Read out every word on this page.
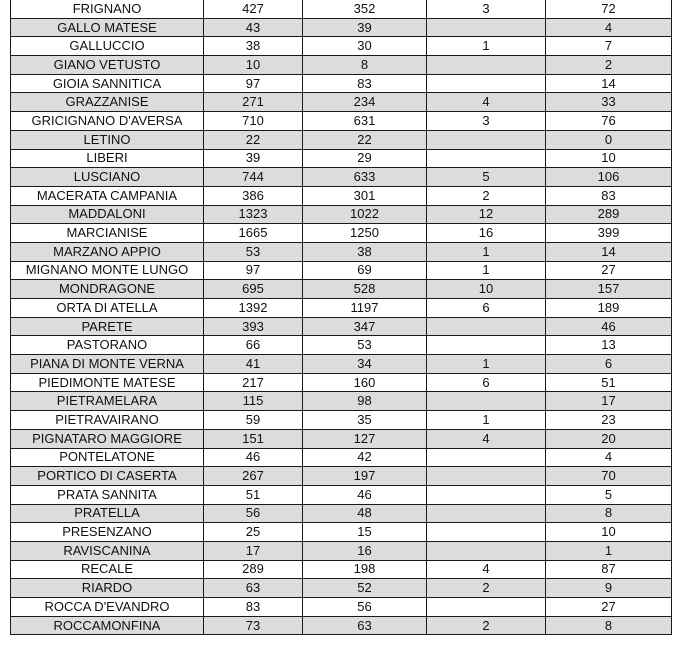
FRIGNANO	427	352	3	72
GALLO MATESE	43	39		4
GALLUCCIO	38	30	1	7
GIANO VETUSTO	10	8		2
GIOIA SANNITICA	97	83		14
GRAZZANISE	271	234	4	33
GRICIGNANO D'AVERSA	710	631	3	76
LETINO	22	22		0
LIBERI	39	29		10
LUSCIANO	744	633	5	106
MACERATA CAMPANIA	386	301	2	83
MADDALONI	1323	1022	12	289
MARCIANISE	1665	1250	16	399
MARZANO APPIO	53	38	1	14
MIGNANO MONTE LUNGO	97	69	1	27
MONDRAGONE	695	528	10	157
ORTA DI ATELLA	1392	1197	6	189
PARETE	393	347		46
PASTORANO	66	53		13
PIANA DI MONTE VERNA	41	34	1	6
PIEDIMONTE MATESE	217	160	6	51
PIETRAMELARA	115	98		17
PIETRAVAIRANO	59	35	1	23
PIGNATARO MAGGIORE	151	127	4	20
PONTELATONE	46	42		4
PORTICO DI CASERTA	267	197		70
PRATA SANNITA	51	46		5
PRATELLA	56	48		8
PRESENZANO	25	15		10
RAVISCANINA	17	16		1
RECALE	289	198	4	87
RIARDO	63	52	2	9
ROCCA D'EVANDRO	83	56		27
ROCCAMONFINA	73	63	2	8
